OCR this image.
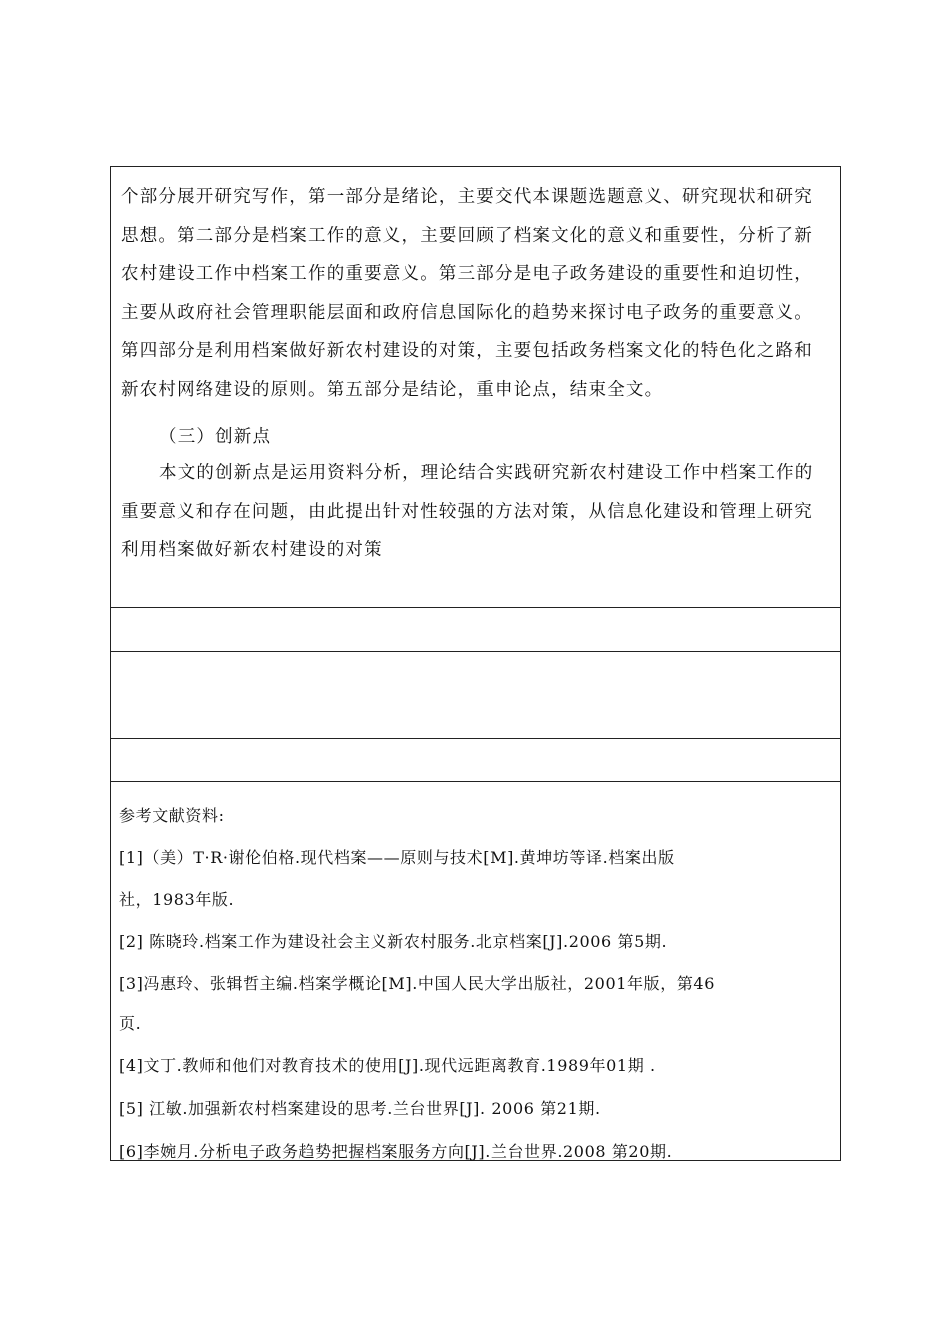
个部分展开研究写作，第一部分是绪论，主要交代本课题选题意义、研究现状和研究
思想。第二部分是档案工作的意义，主要回顾了档案文化的意义和重要性，分析了新
农村建设工作中档案工作的重要意义。第三部分是电子政务建设的重要性和迫切性，
主要从政府社会管理职能层面和政府信息国际化的趋势来探讨电子政务的重要意义。
第四部分是利用档案做好新农村建设的对策，主要包括政务档案文化的特色化之路和
新农村网络建设的原则。第五部分是结论，重申论点，结束全文。
（三）创新点
本文的创新点是运用资料分析，理论结合实践研究新农村建设工作中档案工作的
重要意义和存在问题，由此提出针对性较强的方法对策，从信息化建设和管理上研究
利用档案做好新农村建设的对策
参考文献资料:
[1]（美）T·R·谢伦伯格.现代档案——原则与技术[M].黄坤坊等译.档案出版
社，1983年版.
[2] 陈晓玲.档案工作为建设社会主义新农村服务.北京档案[J].2006 第5期.
[3]冯惠玲、张辑哲主编.档案学概论[M].中国人民大学出版社，2001年版，第46
页.
[4]文丁.教师和他们对教育技术的使用[J].现代远距离教育.1989年01期 .
[5] 江敏.加强新农村档案建设的思考.兰台世界[J]. 2006 第21期.
[6]李婉月.分析电子政务趋势把握档案服务方向[J].兰台世界.2008 第20期.
